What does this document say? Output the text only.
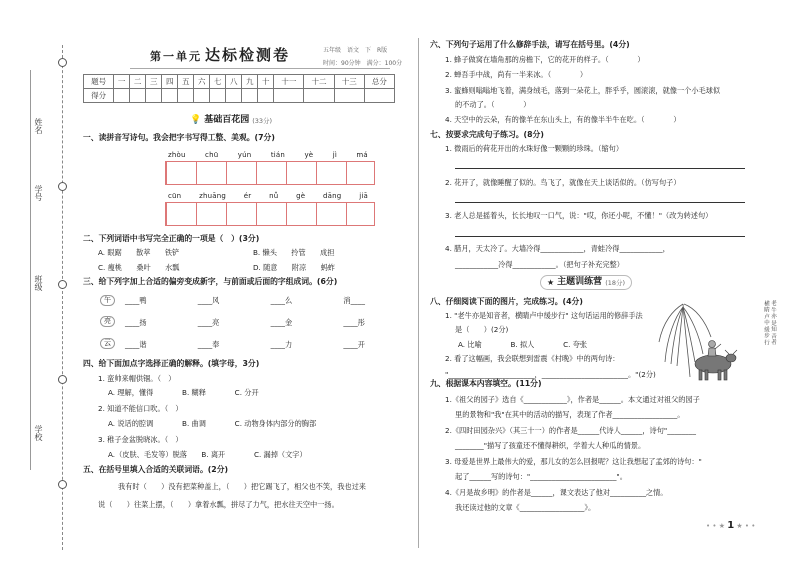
姓名
学号
班级
学校
第一单元 达标检测卷	五年级　语文　下　R版
时间：90分钟　满分：100分
题号	一	二	三	四	五	六	七	八	九	十	十一	十二	十三	总分
得分														
💡 基础百花园 (33分)
一、读拼音写诗句。我会把字书写得工整、美观。(7分)
zhòu	chū	yún	tián	yè	jì	má
cūn	zhuāng	ér	nǚ	gè	dāng	jiā
二、下列词语中书写完全正确的一项是（　）(3分)
A. 眼踞　　散萃　　铁铲	B. 懒头　　拎管　　成担
C. 瘦桃　　桑叶　　水瓢	D. 随意　　附凉　　蚂蚱
三、给下列字加上合适的偏旁变成新字，与前面或后面的字组成词。(6分)
午	____鸭	____风	____么	消____
亮	____扬	____亮	____金	____彤
云	____谐	____奉	____力	____开
四、给下面加点字选择正确的解释。(填字母，3分)
1. 蛮帅来帽供锢。（　）
A. 理解，懂得　　　　B. 糊释　　　　C. 分开
2. 知道不能信口吹。（　）
A. 说话的腔调　　　　B. 曲调　　　　C. 动物身体内部分的胸部
3. 稚子金盆脱晓冰。（　）
A.（皮肤、毛发等）脱落　　B. 离开　　　　C. 漏掉（文字）
五、在括号里填入合适的关联词语。(2分)
我有时（　　）没有把菜种盖上，（　　）把它踢飞了，相父也不笑，我也过来
说（　　）往菜上摆，（　　）拿着水瓢，拼尽了力气，把水往天空中一扬。
六、下列句子运用了什么修辞手法，请写在括号里。(4分)
1. 蜂子做窝在墙角那的房檐下，它的花开的样子。（　　　　）
2. 蝉吾手中战，尚有一半来冰。（　　　　）
3. 蜜蜂则嗡嗡地飞着，满身绒毛，落到一朵花上，胖乎乎，圆滚滚，就像一个小毛球似
的不动了。（　　　　）
4. 天空中的云朵，有的像羊在东山头上，有的像半半牛在吃。（　　　　）
七、按要求完成句子练习。(8分)
1. 微雨后的荷花开出的水珠好像一颗颗的珍珠。（缩句）
2. 花开了，就像睡醒了似的。鸟飞了，就像在天上谈话似的。（仿写句子）
3. 老人总是摇着头，长长地叹一口气，说："哎，你还小呢，不懂！"（改为转述句）
4. 腊月，天太冷了。大墙冷得____________，青蛙冷得____________，
____________冷得____________。（把句子补充完整）
★ 主题训练营 (18分)
八、仔细阅读下面的图片，完成练习。(4分)
1. "老牛亦是知音者，横睛卢中缓步行" 这句话运用的修辞手法
是（　　）(2分)
A. 比喻　　　　B. 拟人　　　　C. 夸张
2. 看了这幅画，我会联想到雷震《村晚》中的两句诗：
"________________________，________________________。"(2分)
老牛亦是知音者横睛卢中缓步行
九、根据课本内容填空。(11分)
1.《祖父的园子》选自《____________》，作者是______。本文通过对祖父的园子
里的景物和"我"在其中的活动的描写，表现了作者__________________。
2.《四时田园杂兴》（其三十一）的作者是______代诗人______，诗句"________
________"描写了孩童还不懂得耕织，学着大人种瓜的情景。
3. 母爱是世界上最伟大的爱，那儿女的怎么回报呢？这让我想起了孟郊的诗句："
起了______写的诗句："________________________"。
4.《月是故乡明》的作者是______，课文表达了他对__________之情。
我还读过他的文章《__________________》。
• • ★ 1 ★ • •
